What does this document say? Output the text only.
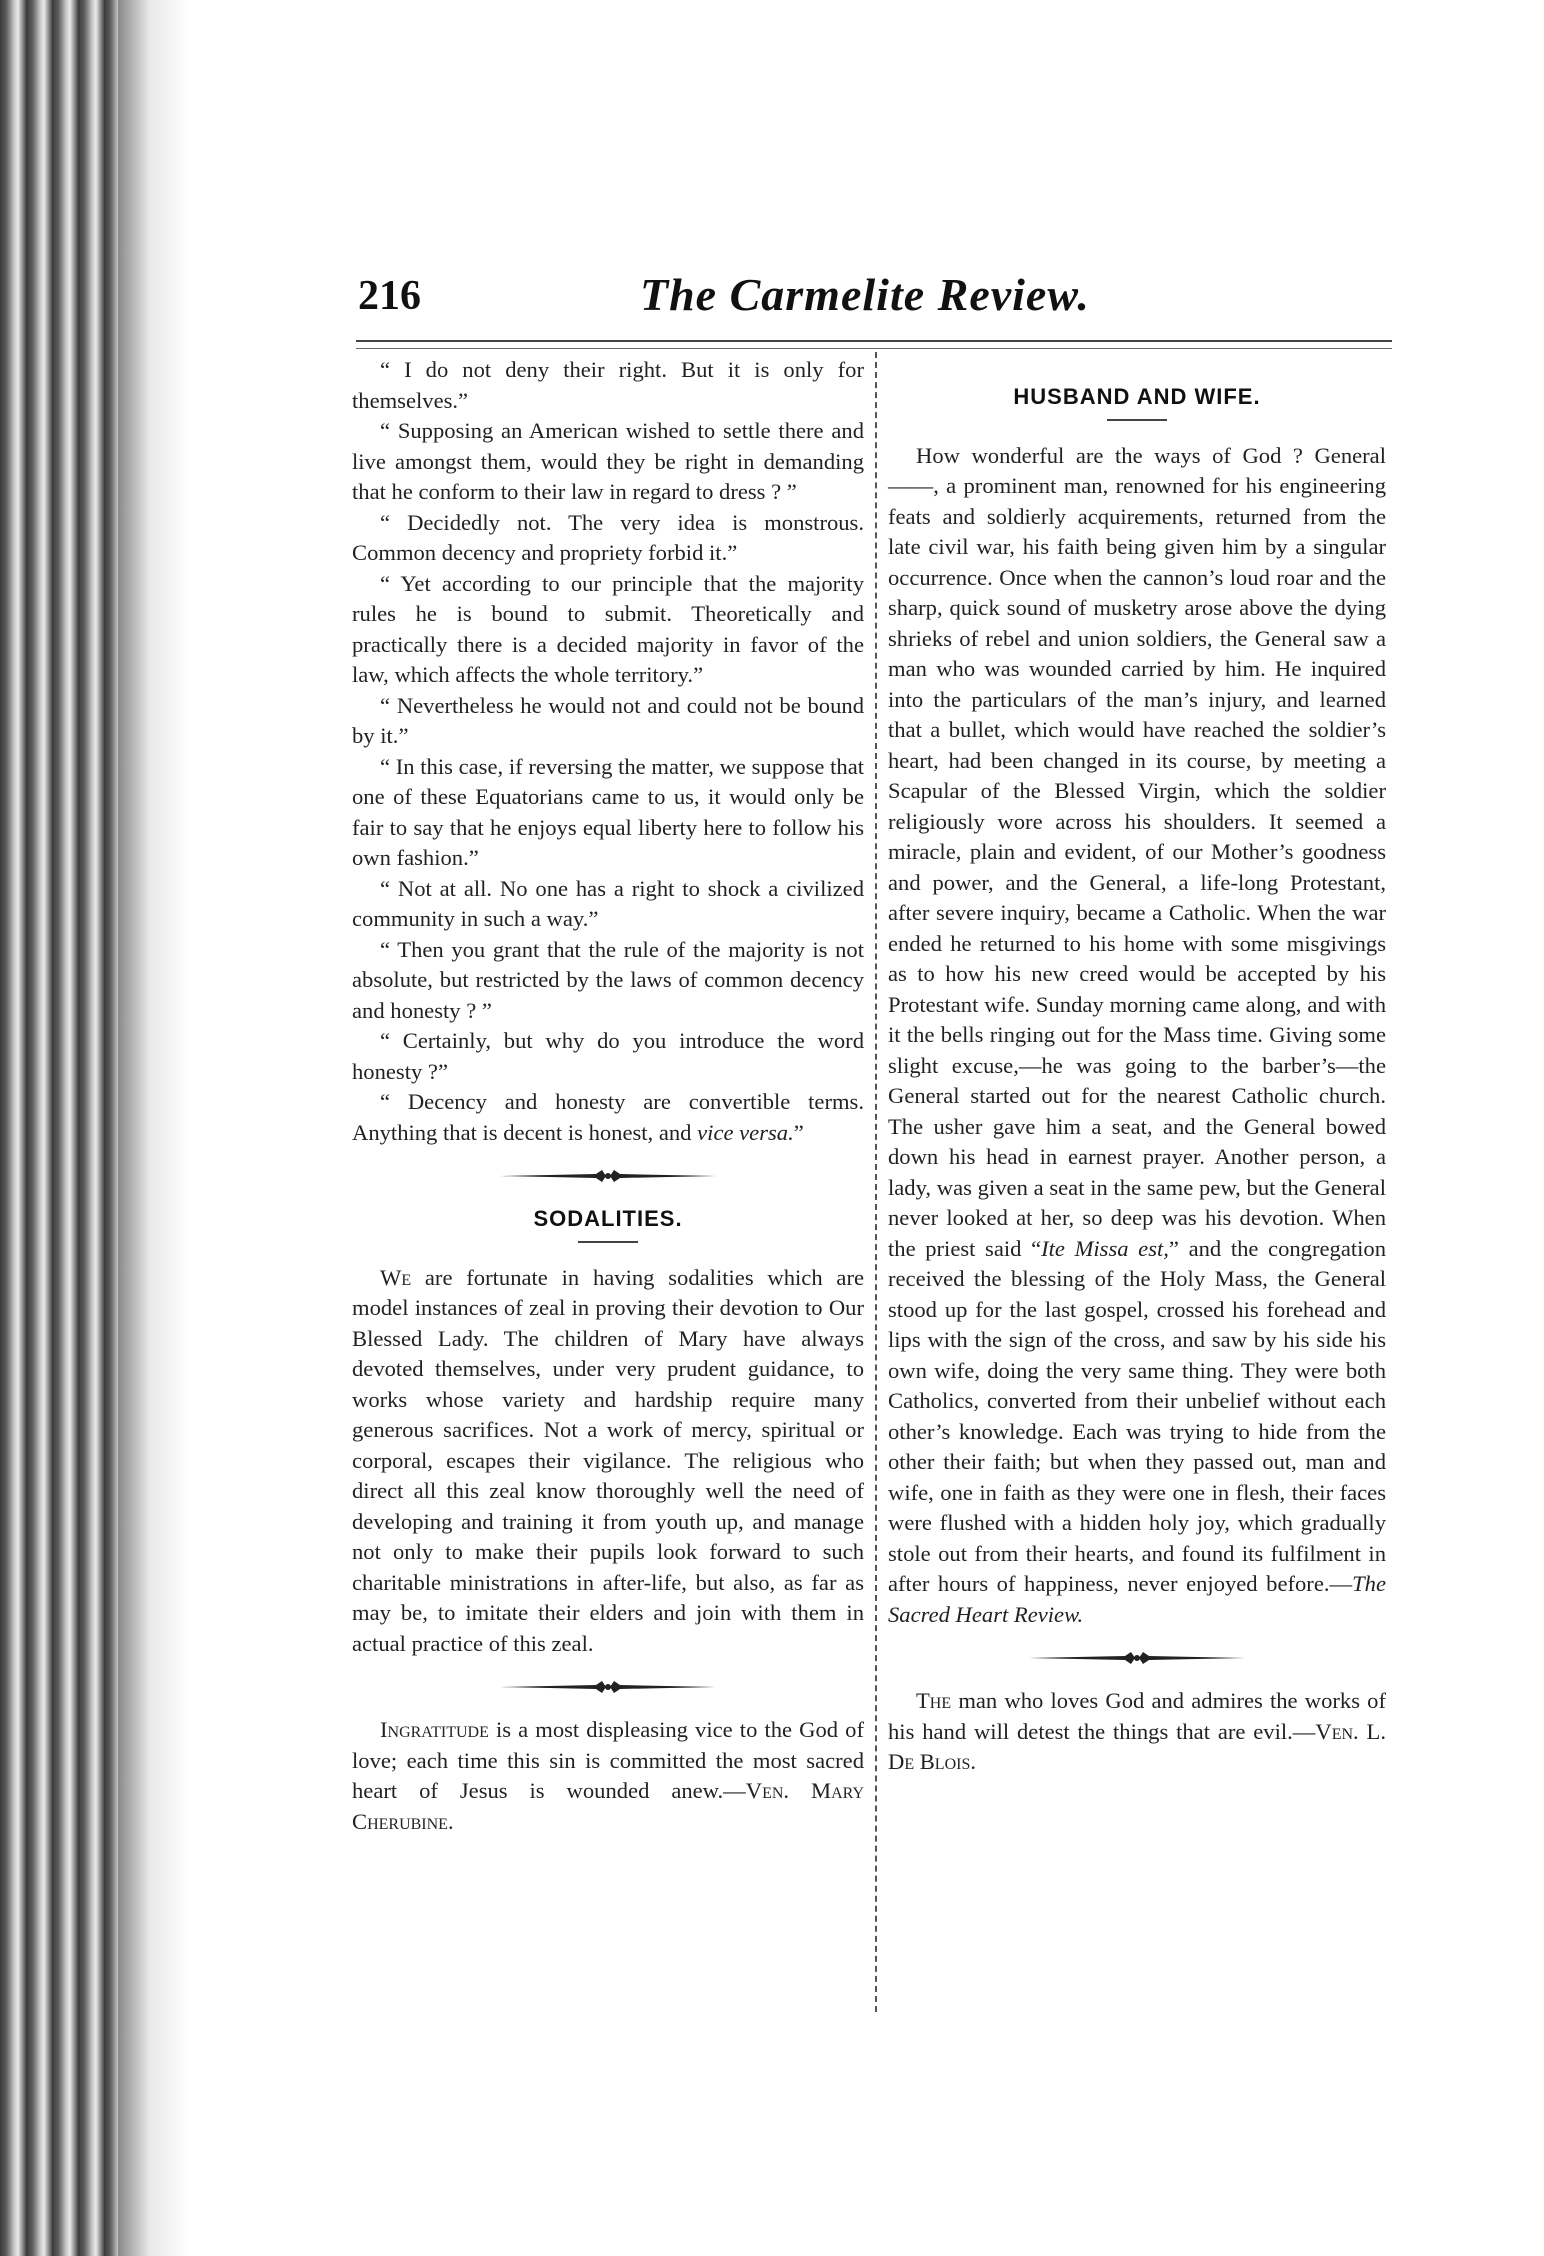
216	The Carmelite Review.

“ I do not deny their right. But it is only for themselves.”

“ Supposing an American wished to settle there and live amongst them, would they be right in demanding that he conform to their law in regard to dress ? ”

“ Decidedly not. The very idea is monstrous. Common decency and propriety forbid it.”

“ Yet according to our principle that the majority rules he is bound to submit. Theoretically and practically there is a decided majority in favor of the law, which affects the whole territory.”

“ Nevertheless he would not and could not be bound by it.”

“ In this case, if reversing the matter, we suppose that one of these Equatorians came to us, it would only be fair to say that he enjoys equal liberty here to follow his own fashion.”

“ Not at all. No one has a right to shock a civilized community in such a way.”

“ Then you grant that the rule of the majority is not absolute, but restricted by the laws of common decency and honesty ? ”

“ Certainly, but why do you introduce the word honesty ?”

“ Decency and honesty are convertible terms. Anything that is decent is honest, and vice versa.”

SODALITIES.

We are fortunate in having sodalities which are model instances of zeal in proving their devotion to Our Blessed Lady. The children of Mary have always devoted themselves, under very prudent guidance, to works whose variety and hardship require many generous sacrifices. Not a work of mercy, spiritual or corporal, escapes their vigilance. The religious who direct all this zeal know thoroughly well the need of developing and training it from youth up, and manage not only to make their pupils look forward to such charitable ministrations in after-life, but also, as far as may be, to imitate their elders and join with them in actual practice of this zeal.

Ingratitude is a most displeasing vice to the God of love; each time this sin is committed the most sacred heart of Jesus is wounded anew.—Ven. Mary Cherubine.

HUSBAND AND WIFE.

How wonderful are the ways of God ? General ——, a prominent man, renowned for his engineering feats and soldierly acquirements, returned from the late civil war, his faith being given him by a singular occurrence. Once when the cannon’s loud roar and the sharp, quick sound of musketry arose above the dying shrieks of rebel and union soldiers, the General saw a man who was wounded carried by him. He inquired into the particulars of the man’s injury, and learned that a bullet, which would have reached the soldier’s heart, had been changed in its course, by meeting a Scapular of the Blessed Virgin, which the soldier religiously wore across his shoulders. It seemed a miracle, plain and evident, of our Mother’s goodness and power, and the General, a life-long Protestant, after severe inquiry, became a Catholic. When the war ended he returned to his home with some misgivings as to how his new creed would be accepted by his Protestant wife. Sunday morning came along, and with it the bells ringing out for the Mass time. Giving some slight excuse,—he was going to the barber’s—the General started out for the nearest Catholic church. The usher gave him a seat, and the General bowed down his head in earnest prayer. Another person, a lady, was given a seat in the same pew, but the General never looked at her, so deep was his devotion. When the priest said “Ite Missa est,” and the congregation received the blessing of the Holy Mass, the General stood up for the last gospel, crossed his forehead and lips with the sign of the cross, and saw by his side his own wife, doing the very same thing. They were both Catholics, converted from their unbelief without each other’s knowledge. Each was trying to hide from the other their faith; but when they passed out, man and wife, one in faith as they were one in flesh, their faces were flushed with a hidden holy joy, which gradually stole out from their hearts, and found its fulfilment in after hours of happiness, never enjoyed before.—The Sacred Heart Review.

The man who loves God and admires the works of his hand will detest the things that are evil.—Ven. L. De Blois.
